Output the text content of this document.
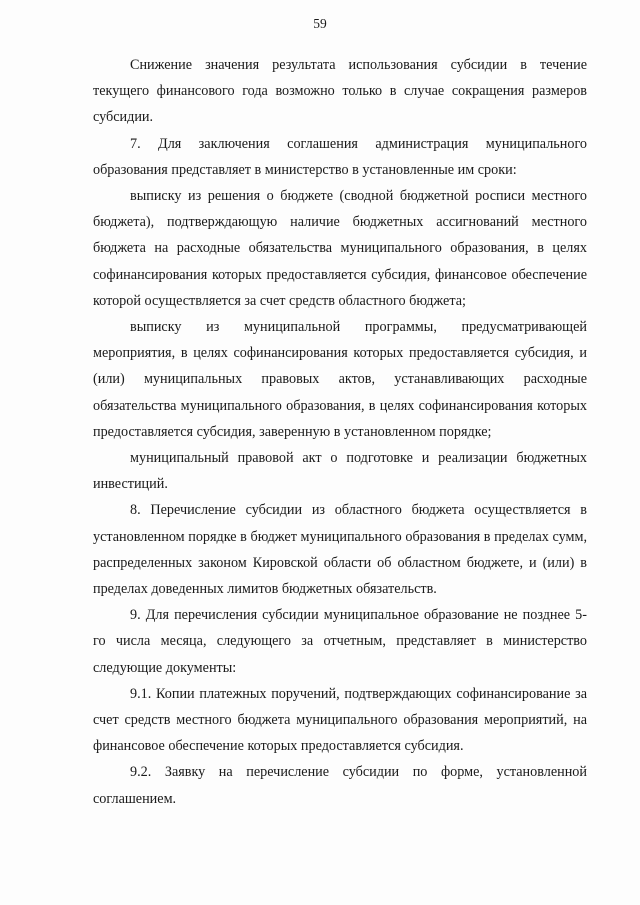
59

Снижение значения результата использования субсидии в течение текущего финансового года возможно только в случае сокращения размеров субсидии.

7. Для заключения соглашения администрация муниципального образования представляет в министерство в установленные им сроки:

выписку из решения о бюджете (сводной бюджетной росписи местного бюджета), подтверждающую наличие бюджетных ассигнований местного бюджета на расходные обязательства муниципального образования, в целях софинансирования которых предоставляется субсидия, финансовое обеспечение которой осуществляется за счет средств областного бюджета;

выписку из муниципальной программы, предусматривающей мероприятия, в целях софинансирования которых предоставляется субсидия, и (или) муниципальных правовых актов, устанавливающих расходные обязательства муниципального образования, в целях софинансирования которых предоставляется субсидия, заверенную в установленном порядке;

муниципальный правовой акт о подготовке и реализации бюджетных инвестиций.

8. Перечисление субсидии из областного бюджета осуществляется в установленном порядке в бюджет муниципального образования в пределах сумм, распределенных законом Кировской области об областном бюджете, и (или) в пределах доведенных лимитов бюджетных обязательств.

9. Для перечисления субсидии муниципальное образование не позднее 5-го числа месяца, следующего за отчетным, представляет в министерство следующие документы:

9.1. Копии платежных поручений, подтверждающих софинансирование за счет средств местного бюджета муниципального образования мероприятий, на финансовое обеспечение которых предоставляется субсидия.

9.2. Заявку на перечисление субсидии по форме, установленной соглашением.
